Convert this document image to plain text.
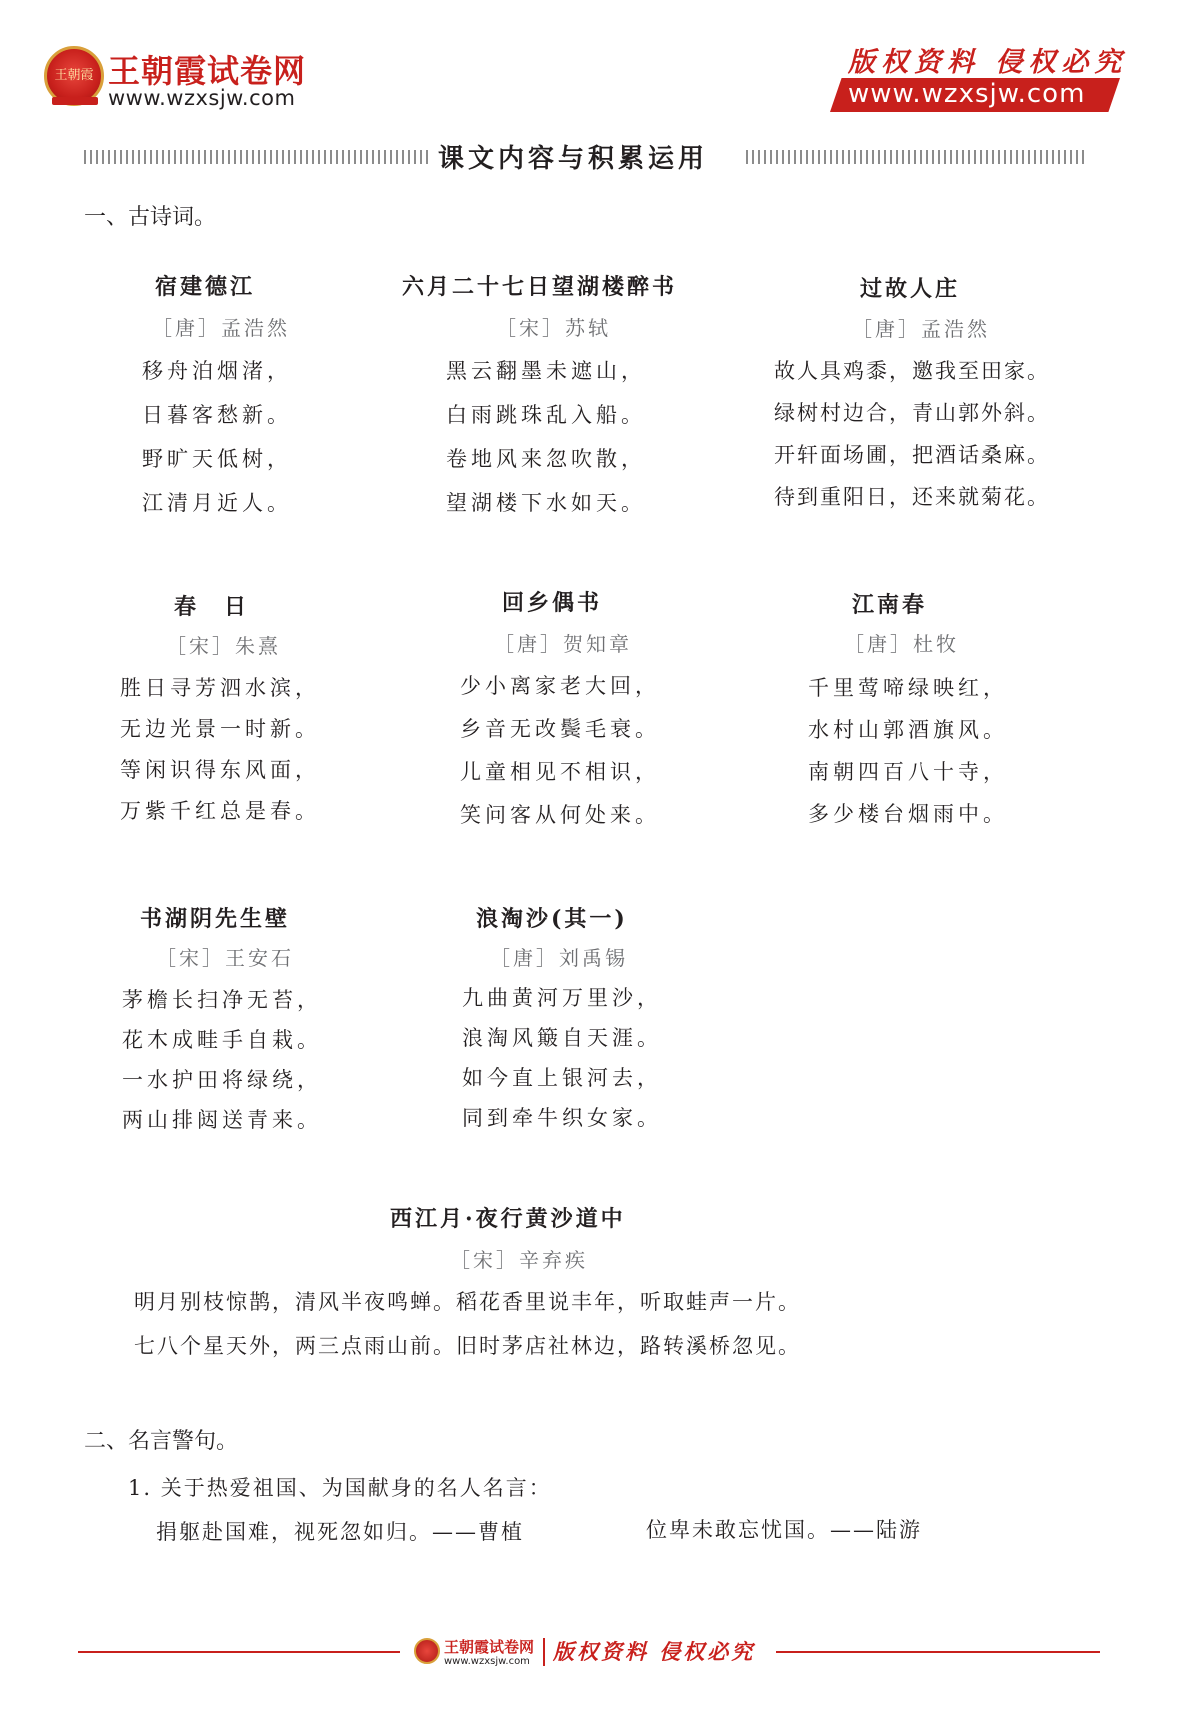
王朝霞 王朝霞试卷网
www.wzxsjw.com
版权资料 侵权必究
www.wzxsjw.com
课文内容与积累运用
一、古诗词。
宿建德江
［唐］孟浩然
移舟泊烟渚，
日暮客愁新。
野旷天低树，
江清月近人。
六月二十七日望湖楼醉书
［宋］苏轼
黑云翻墨未遮山，
白雨跳珠乱入船。
卷地风来忽吹散，
望湖楼下水如天。
过故人庄
［唐］孟浩然
故人具鸡黍，邀我至田家。
绿树村边合，青山郭外斜。
开轩面场圃，把酒话桑麻。
待到重阳日，还来就菊花。
春　日
［宋］朱熹
胜日寻芳泗水滨，
无边光景一时新。
等闲识得东风面，
万紫千红总是春。
回乡偶书
［唐］贺知章
少小离家老大回，
乡音无改鬓毛衰。
儿童相见不相识，
笑问客从何处来。
江南春
［唐］杜牧
千里莺啼绿映红，
水村山郭酒旗风。
南朝四百八十寺，
多少楼台烟雨中。
书湖阴先生壁
［宋］王安石
茅檐长扫净无苔，
花木成畦手自栽。
一水护田将绿绕，
两山排闼送青来。
浪淘沙(其一)
［唐］刘禹锡
九曲黄河万里沙，
浪淘风簸自天涯。
如今直上银河去，
同到牵牛织女家。
西江月·夜行黄沙道中
［宋］辛弃疾
明月别枝惊鹊，清风半夜鸣蝉。稻花香里说丰年，听取蛙声一片。
七八个星天外，两三点雨山前。旧时茅店社林边，路转溪桥忽见。
二、名言警句。
1. 关于热爱祖国、为国献身的名人名言：
捐躯赴国难，视死忽如归。——曹植	位卑未敢忘忧国。——陆游
王朝霞试卷网
www.wzxsjw.com 版权资料 侵权必究
